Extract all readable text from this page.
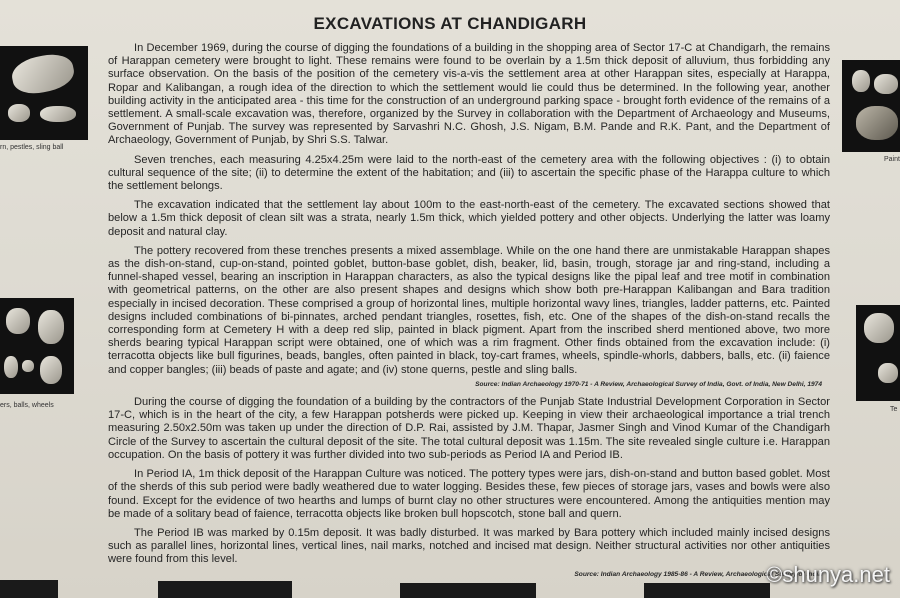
EXCAVATIONS AT CHANDIGARH
rn, pestles, sling ball
ers, balls, wheels
Paint
Te

In December 1969, during the course of digging the foundations of a building in the shopping area of Sector 17-C at Chandigarh, the remains of Harappan cemetery were brought to light. These remains were found to be overlain by a 1.5m thick deposit of alluvium, thus forbidding any surface observation. On the basis of the position of the cemetery vis-a-vis the settlement area at other Harappan sites, especially at Harappa, Ropar and Kalibangan, a rough idea of the direction to which the settlement would lie could thus be determined. In the following year, another building activity in the anticipated area - this time for the construction of an underground parking space - brought forth evidence of the remains of a settlement. A small-scale excavation was, therefore, organized by the Survey in collaboration with the Department of Archaeology and Museums, Government of Punjab. The survey was represented by Sarvashri N.C. Ghosh, J.S. Nigam, B.M. Pande and R.K. Pant, and the Department of Archaeology, Government of Punjab, by Shri S.S. Talwar.

Seven trenches, each measuring 4.25x4.25m were laid to the north-east of the cemetery area with the following objectives : (i) to obtain cultural sequence of the site; (ii) to determine the extent of the habitation; and (iii) to ascertain the specific phase of the Harappa culture to which the settlement belongs.

The excavation indicated that the settlement lay about 100m to the east-north-east of the cemetery. The excavated sections showed that below a 1.5m thick deposit of clean silt was a strata, nearly 1.5m thick, which yielded pottery and other objects. Underlying the latter was loamy deposit and natural clay.

The pottery recovered from these trenches presents a mixed assemblage. While on the one hand there are unmistakable Harappan shapes as the dish-on-stand, cup-on-stand, pointed goblet, button-base goblet, dish, beaker, lid, basin, trough, storage jar and ring-stand, including a funnel-shaped vessel, bearing an inscription in Harappan characters, as also the typical designs like the pipal leaf and tree motif in combination with geometrical patterns, on the other are also present shapes and designs which show both pre-Harappan Kalibangan and Bara tradition especially in incised decoration. These comprised a group of horizontal lines, multiple horizontal wavy lines, triangles, ladder patterns, etc. Painted designs included combinations of bi-pinnates, arched pendant triangles, rosettes, fish, etc. One of the shapes of the dish-on-stand recalls the corresponding form at Cemetery H with a deep red slip, painted in black pigment. Apart from the inscribed sherd mentioned above, two more sherds bearing typical Harappan script were obtained, one of which was a rim fragment. Other finds obtained from the excavation include: (i) terracotta objects like bull figurines, beads, bangles, often painted in black, toy-cart frames, wheels, spindle-whorls, dabbers, balls, etc. (ii) faience and copper bangles; (iii) beads of paste and agate; and (iv) stone querns, pestle and sling balls.

Source: Indian Archaeology 1970-71 - A Review, Archaeological Survey of India, Govt. of India, New Delhi, 1974

During the course of digging the foundation of a building by the contractors of the Punjab State Industrial Development Corporation in Sector 17-C, which is in the heart of the city, a few Harappan potsherds were picked up. Keeping in view their archaeological importance a trial trench measuring 2.50x2.50m was taken up under the direction of D.P. Rai, assisted by J.M. Thapar, Jasmer Singh and Vinod Kumar of the Chandigarh Circle of the Survey to ascertain the cultural deposit of the site. The total cultural deposit was 1.15m. The site revealed single culture i.e. Harappan occupation. On the basis of pottery it was further divided into two sub-periods as Period IA and Period IB.

In Period IA, 1m thick deposit of the Harappan Culture was noticed. The pottery types were jars, dish-on-stand and button based goblet. Most of the sherds of this sub period were badly weathered due to water logging. Besides these, few pieces of storage jars, vases and bowls were also found. Except for the evidence of two hearths and lumps of burnt clay no other structures were encountered. Among the antiquities mention may be made of a solitary bead of faience, terracotta objects like broken bull hopscotch, stone ball and quern.

The Period IB was marked by 0.15m deposit. It was badly disturbed. It was marked by Bara pottery which included mainly incised designs such as parallel lines, horizontal lines, vertical lines, nail marks, notched and incised mat design. Neither structural activities nor other antiquities were found from this level.

Source: Indian Archaeology 1985-86 - A Review, Archaeological Survey of India
©shunya.net
